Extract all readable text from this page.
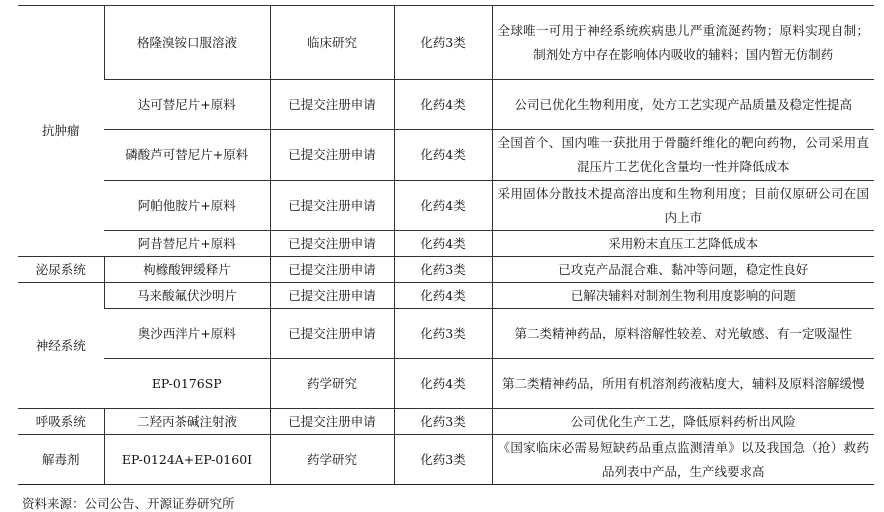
抗肿瘤	格隆溴铵口服溶液	临床研究	化药3类	全球唯一可用于神经系统疾病患儿严重流涎药物；原料实现自制；制剂处方中存在影响体内吸收的辅料；国内暂无仿制药
	达可替尼片+原料	已提交注册申请	化药4类	公司已优化生物利用度，处方工艺实现产品质量及稳定性提高
	磷酸芦可替尼片+原料	已提交注册申请	化药4类	全国首个、国内唯一获批用于骨髓纤维化的靶向药物，公司采用直混压片工艺优化含量均一性并降低成本
	阿帕他胺片+原料	已提交注册申请	化药4类	采用固体分散技术提高溶出度和生物利用度；目前仅原研公司在国内上市
	阿昔替尼片+原料	已提交注册申请	化药4类	采用粉末直压工艺降低成本
泌尿系统	枸橼酸钾缓释片	已提交注册申请	化药3类	已攻克产品混合难、黏冲等问题，稳定性良好
神经系统	马来酸氟伏沙明片	已提交注册申请	化药4类	已解决辅料对制剂生物利用度影响的问题
	奥沙西泮片+原料	已提交注册申请	化药3类	第二类精神药品，原料溶解性较差、对光敏感、有一定吸湿性
	EP-0176SP	药学研究	化药4类	第二类精神药品，所用有机溶剂药液粘度大，辅料及原料溶解缓慢
呼吸系统	二羟丙茶碱注射液	已提交注册申请	化药3类	公司优化生产工艺，降低原料药析出风险
解毒剂	EP-0124A+EP-0160I	药学研究	化药3类	《国家临床必需易短缺药品重点监测清单》以及我国急（抢）救药品列表中产品，生产线要求高
资料来源：公司公告、开源证券研究所
